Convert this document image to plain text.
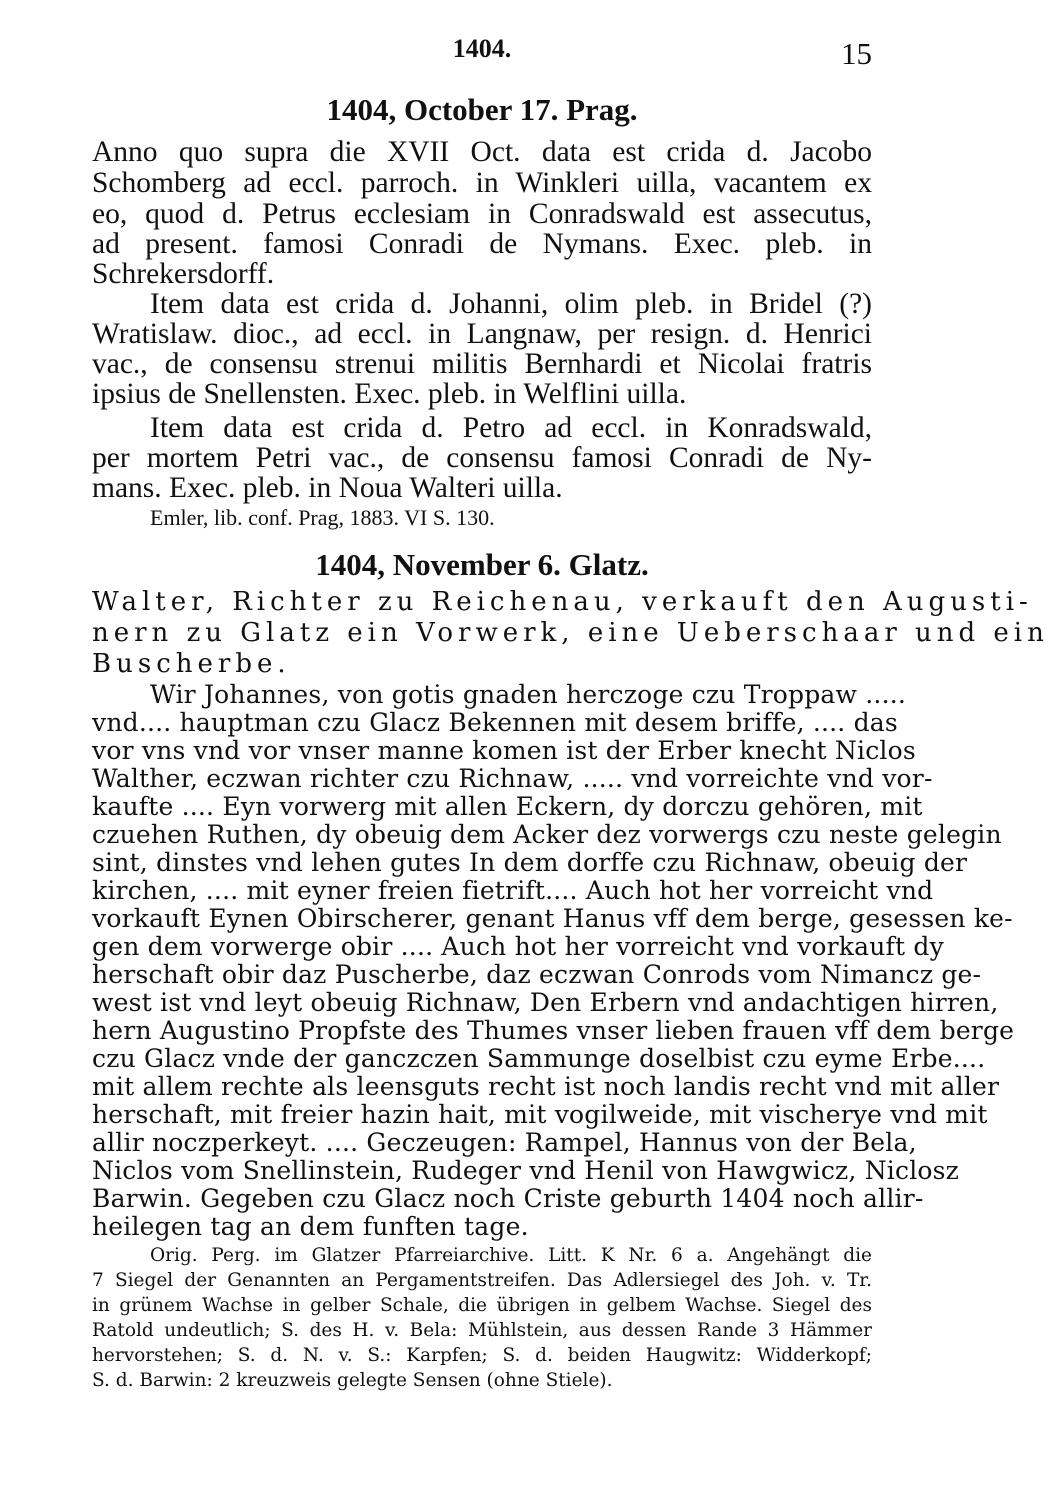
1404.	15
1404, October 17. Prag.
Anno quo supra die XVII Oct. data est crida d. Jacobo
Schomberg ad eccl. parroch. in Winkleri uilla, vacantem ex
eo, quod d. Petrus ecclesiam in Conradswald est assecutus,
ad present. famosi Conradi de Nymans. Exec. pleb. in
Schrekersdorff.
Item data est crida d. Johanni, olim pleb. in Bridel (?)
Wratislaw. dioc., ad eccl. in Langnaw, per resign. d. Henrici
vac., de consensu strenui militis Bernhardi et Nicolai fratris
ipsius de Snellensten. Exec. pleb. in Welflini uilla.
Item data est crida d. Petro ad eccl. in Konradswald,
per mortem Petri vac., de consensu famosi Conradi de Ny-
mans. Exec. pleb. in Noua Walteri uilla.
Emler, lib. conf. Prag, 1883. VI S. 130.
1404, November 6. Glatz.
Walter, Richter zu Reichenau, verkauft den Augusti-
nern zu Glatz ein Vorwerk, eine Ueberschaar und ein
Buscherbe.
Wir Johannes, von gotis gnaden herczoge czu Troppaw .....
vnd.... hauptman czu Glacz Bekennen mit desem briffe, .... das
vor vns vnd vor vnser manne komen ist der Erber knecht Niclos
Walther, eczwan richter czu Richnaw, ..... vnd vorreichte vnd vor-
kaufte .... Eyn vorwerg mit allen Eckern, dy dorczu gehören, mit
czuehen Ruthen, dy obeuig dem Acker dez vorwergs czu neste gelegin
sint, dinstes vnd lehen gutes In dem dorffe czu Richnaw, obeuig der
kirchen, .... mit eyner freien fietrift.... Auch hot her vorreicht vnd
vorkauft Eynen Obirscherer, genant Hanus vff dem berge, gesessen ke-
gen dem vorwerge obir .... Auch hot her vorreicht vnd vorkauft dy
herschaft obir daz Puscherbe, daz eczwan Conrods vom Nimancz ge-
west ist vnd leyt obeuig Richnaw, Den Erbern vnd andachtigen hirren,
hern Augustino Propfste des Thumes vnser lieben frauen vff dem berge
czu Glacz vnde der ganczczen Sammunge doselbist czu eyme Erbe....
mit allem rechte als leensguts recht ist noch landis recht vnd mit aller
herschaft, mit freier hazin hait, mit vogilweide, mit vischerye vnd mit
allir noczperkeyt. .... Geczeugen: Rampel, Hannus von der Bela,
Niclos vom Snellinstein, Rudeger vnd Henil von Hawgwicz, Niclosz
Barwin. Gegeben czu Glacz noch Criste geburth 1404 noch allir-
heilegen tag an dem funften tage.
Orig. Perg. im Glatzer Pfarreiarchive. Litt. K Nr. 6 a. Angehängt die
7 Siegel der Genannten an Pergamentstreifen. Das Adlersiegel des Joh. v. Tr.
in grünem Wachse in gelber Schale, die übrigen in gelbem Wachse. Siegel des
Ratold undeutlich; S. des H. v. Bela: Mühlstein, aus dessen Rande 3 Hämmer
hervorstehen; S. d. N. v. S.: Karpfen; S. d. beiden Haugwitz: Widderkopf;
S. d. Barwin: 2 kreuzweis gelegte Sensen (ohne Stiele).
